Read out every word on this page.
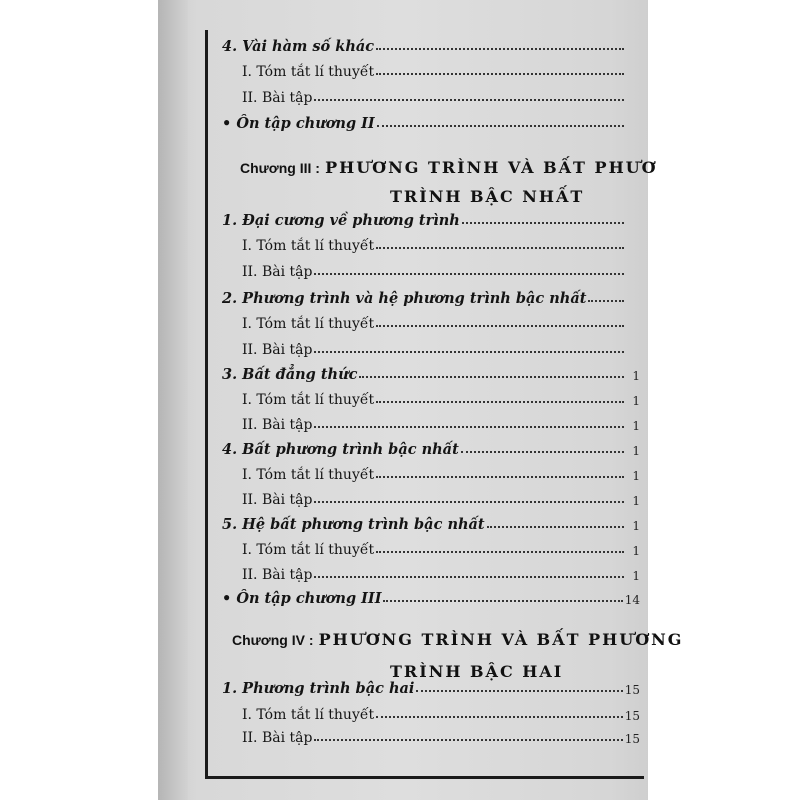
4. Vài hàm số khác
I. Tóm tắt lí thuyết
II. Bài tập
• Ôn tập chương II
Chương III : PHƯƠNG TRÌNH VÀ BẤT PHƯƠ
TRÌNH BẬC NHẤT
1. Đại cương về phương trình
I. Tóm tắt lí thuyết
II. Bài tập
2. Phương trình và hệ phương trình bậc nhất
I. Tóm tắt lí thuyết
II. Bài tập
3. Bất đẳng thức	1
I. Tóm tắt lí thuyết	1
II. Bài tập	1
4. Bất phương trình bậc nhất	1
I. Tóm tắt lí thuyết	1
II. Bài tập	1
5. Hệ bất phương trình bậc nhất	1
I. Tóm tắt lí thuyết	1
II. Bài tập	1
• Ôn tập chương III	14
Chương IV : PHƯƠNG TRÌNH VÀ BẤT PHƯƠNG
TRÌNH BẬC HAI
1. Phương trình bậc hai	15
I. Tóm tắt lí thuyết	15
II. Bài tập	15
